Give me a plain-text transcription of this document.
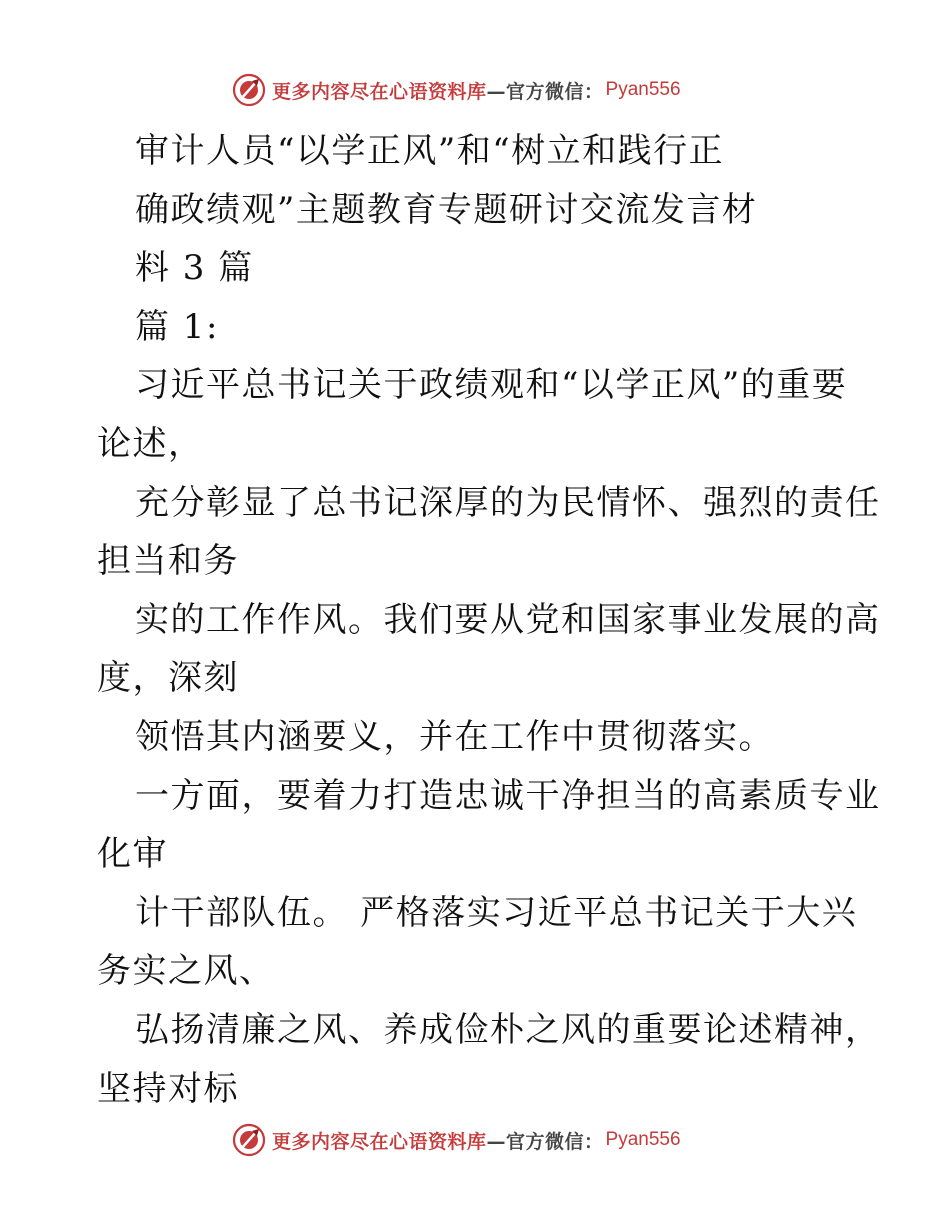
更多内容尽在心语资料库 —官方微信： Pyan556
审计人员“以学正风”和“树立和践行正
确政绩观”主题教育专题研讨交流发言材
料 3 篇
篇 1:
习近平总书记关于政绩观和“以学正风”的重要
论述，
充分彰显了总书记深厚的为民情怀、强烈的责任
担当和务
实的工作作风。我们要从党和国家事业发展的高
度，深刻
领悟其内涵要义，并在工作中贯彻落实。
一方面，要着力打造忠诚干净担当的高素质专业
化审
计干部队伍。 严格落实习近平总书记关于大兴
务实之风、
弘扬清廉之风、养成俭朴之风的重要论述精神，
坚持对标
更多内容尽在心语资料库 —官方微信： Pyan556
